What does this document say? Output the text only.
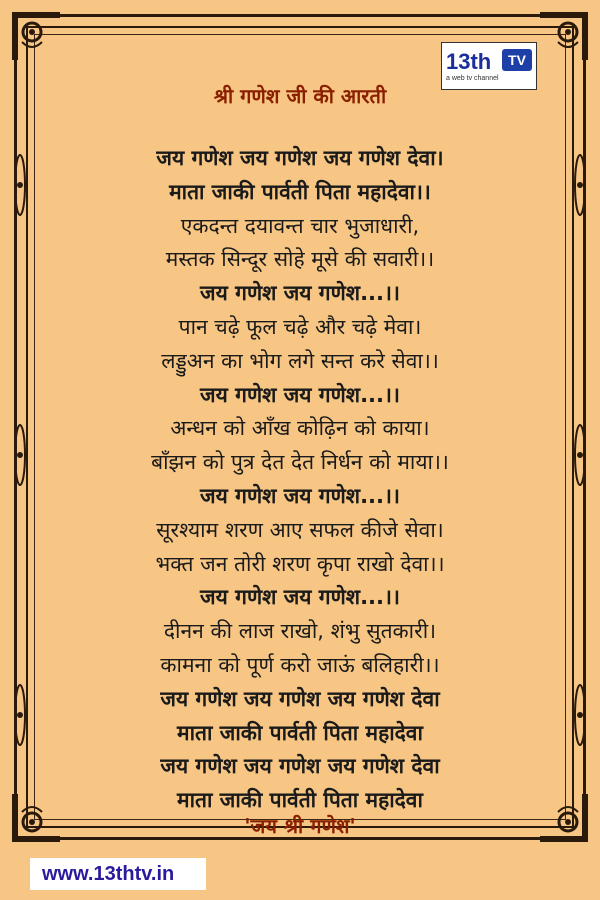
13th	TV
a web tv channel
श्री गणेश जी की आरती
जय गणेश जय गणेश जय गणेश देवा।
माता जाकी पार्वती पिता महादेवा।।
एकदन्त दयावन्त चार भुजाधारी,
मस्तक सिन्दूर सोहे मूसे की सवारी।।
जय गणेश जय गणेश...।।
पान चढ़े फूल चढ़े और चढ़े मेवा।
लड्डुअन का भोग लगे सन्त करे सेवा।।
जय गणेश जय गणेश...।।
अन्धन को आँख कोढ़िन को काया।
बाँझन को पुत्र देत देत निर्धन को माया।।
जय गणेश जय गणेश...।।
सूरश्याम शरण आए सफल कीजे सेवा।
भक्त जन तोरी शरण कृपा राखो देवा।।
जय गणेश जय गणेश...।।
दीनन की लाज राखो, शंभु सुतकारी।
कामना को पूर्ण करो जाऊं बलिहारी।।
जय गणेश जय गणेश जय गणेश देवा
माता जाकी पार्वती पिता महादेवा
जय गणेश जय गणेश जय गणेश देवा
माता जाकी पार्वती पिता महादेवा
'जय श्री गणेश'
www.13thtv.in
